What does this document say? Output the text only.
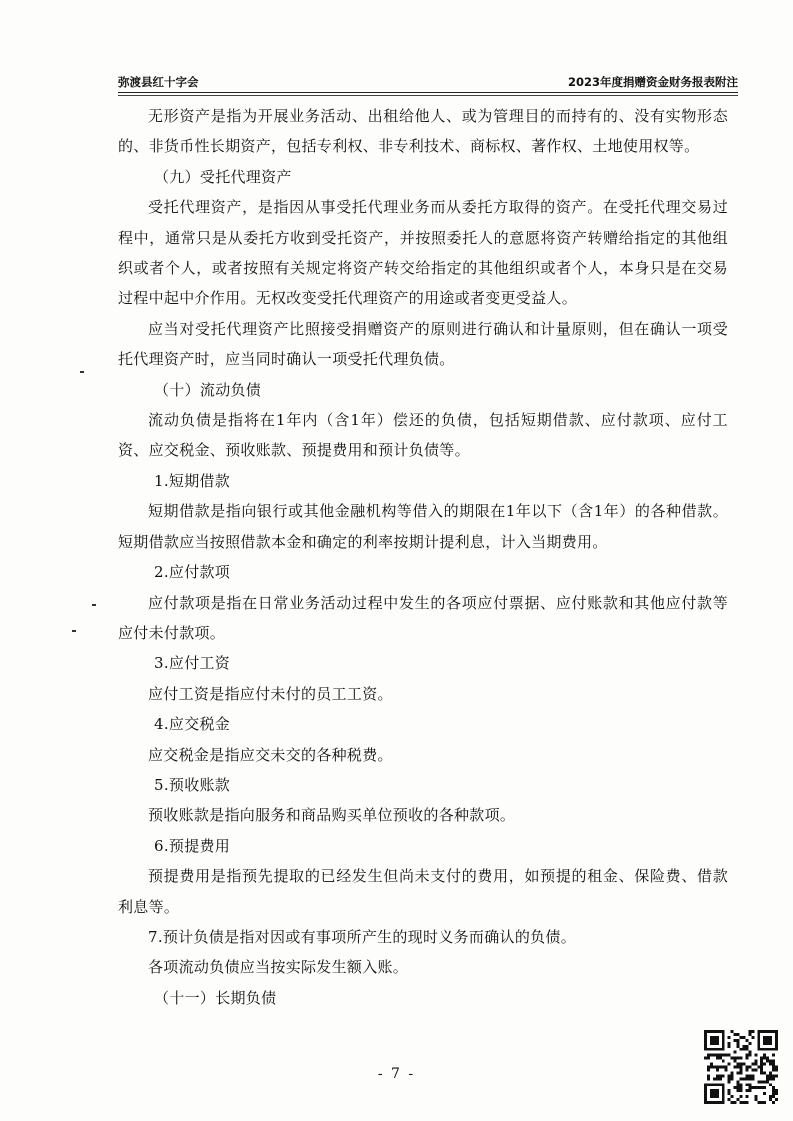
弥渡县红十字会	2023年度捐赠资金财务报表附注

无形资产是指为开展业务活动、出租给他人、或为管理目的而持有的、没有实物形态的、非货币性长期资产，包括专利权、非专利技术、商标权、著作权、土地使用权等。

（九）受托代理资产

受托代理资产，是指因从事受托代理业务而从委托方取得的资产。在受托代理交易过程中，通常只是从委托方收到受托资产，并按照委托人的意愿将资产转赠给指定的其他组织或者个人，或者按照有关规定将资产转交给指定的其他组织或者个人，本身只是在交易过程中起中介作用。无权改变受托代理资产的用途或者变更受益人。

应当对受托代理资产比照接受捐赠资产的原则进行确认和计量原则，但在确认一项受托代理资产时，应当同时确认一项受托代理负债。

（十）流动负债

流动负债是指将在1年内（含1年）偿还的负债，包括短期借款、应付款项、应付工资、应交税金、预收账款、预提费用和预计负债等。

1.短期借款

短期借款是指向银行或其他金融机构等借入的期限在1年以下（含1年）的各种借款。短期借款应当按照借款本金和确定的利率按期计提利息，计入当期费用。

2.应付款项

应付款项是指在日常业务活动过程中发生的各项应付票据、应付账款和其他应付款等应付未付款项。

3.应付工资

应付工资是指应付未付的员工工资。

4.应交税金

应交税金是指应交未交的各种税费。

5.预收账款

预收账款是指向服务和商品购买单位预收的各种款项。

6.预提费用

预提费用是指预先提取的已经发生但尚未支付的费用，如预提的租金、保险费、借款利息等。

7.预计负债是指对因或有事项所产生的现时义务而确认的负债。

各项流动负债应当按实际发生额入账。

（十一）长期负债

- 7 -
